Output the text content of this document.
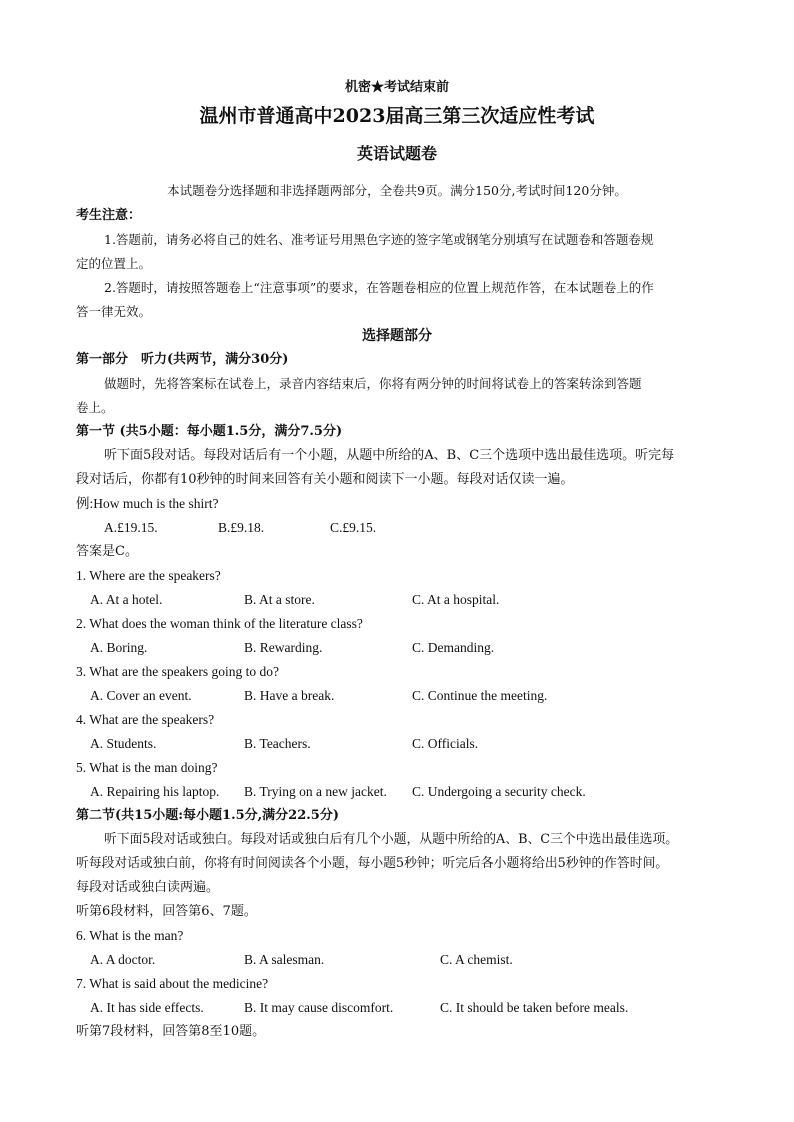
机密★考试结束前
温州市普通高中2023届高三第三次适应性考试
英语试题卷
本试题卷分选择题和非选择题两部分，全卷共9页。满分150分,考试时间120分钟。
考生注意：
1.答题前，请务必将自己的姓名、准考证号用黑色字迹的签字笔或钢笔分别填写在试题卷和答题卷规
定的位置上。
2.答题时，请按照答题卷上“注意事项”的要求，在答题卷相应的位置上规范作答，在本试题卷上的作
答一律无效。
选择题部分
第一部分　听力(共两节，满分30分)
做题时，先将答案标在试卷上，录音内容结束后，你将有两分钟的时间将试卷上的答案转涂到答题
卷上。
第一节 (共5小题：每小题1.5分，满分7.5分)
听下面5段对话。每段对话后有一个小题，从题中所给的A、B、C三个选项中选出最佳选项。听完每
段对话后，你都有10秒钟的时间来回答有关小题和阅读下一小题。每段对话仅读一遍。
例:How much is the shirt?
A.£19.15.	B.£9.18.	C.£9.15.
答案是C。
1. Where are the speakers?
A. At a hotel.	B. At a store.	C. At a hospital.
2. What does the woman think of the literature class?
A. Boring.	B. Rewarding.	C. Demanding.
3. What are the speakers going to do?
A. Cover an event.	B. Have a break.	C. Continue the meeting.
4. What are the speakers?
A. Students.	B. Teachers.	C. Officials.
5. What is the man doing?
A. Repairing his laptop. B. Trying on a new jacket. C. Undergoing a security check.
第二节(共15小题:每小题1.5分,满分22.5分)
听下面5段对话或独白。每段对话或独白后有几个小题，从题中所给的A、B、C三个中选出最佳选项。
听每段对话或独白前，你将有时间阅读各个小题，每小题5秒钟；听完后各小题将给出5秒钟的作答时间。
每段对话或独白读两遍。
听第6段材料，回答第6、7题。
6. What is the man?
A. A doctor.	B. A salesman.	C. A chemist.
7. What is said about the medicine?
A. It has side effects.	B. It may cause discomfort.	C. It should be taken before meals.
听第7段材料，回答第8至10题。
